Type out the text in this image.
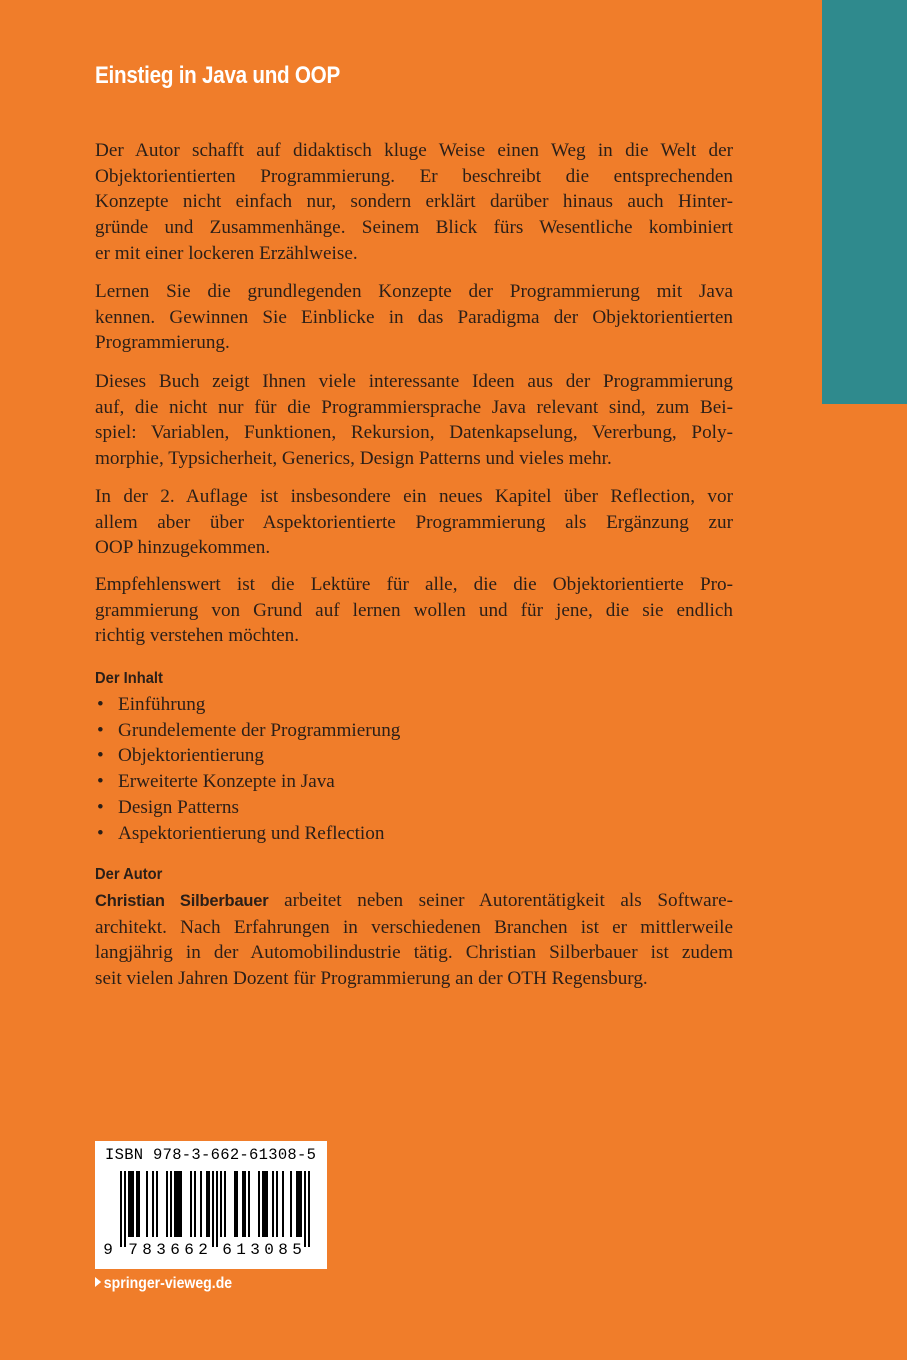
Einstieg in Java und OOP

Der Autor schafft auf didaktisch kluge Weise einen Weg in die Welt der
Objektorientierten Programmierung. Er beschreibt die entsprechenden
Konzepte nicht einfach nur, sondern erklärt darüber hinaus auch Hinter-
gründe und Zusammenhänge. Seinem Blick fürs Wesentliche kombiniert
er mit einer lockeren Erzählweise.

Lernen Sie die grundlegenden Konzepte der Programmierung mit Java
kennen. Gewinnen Sie Einblicke in das Paradigma der Objektorientierten
Programmierung.

Dieses Buch zeigt Ihnen viele interessante Ideen aus der Programmierung
auf, die nicht nur für die Programmiersprache Java relevant sind, zum Bei-
spiel: Variablen, Funktionen, Rekursion, Datenkapselung, Vererbung, Poly-
morphie, Typsicherheit, Generics, Design Patterns und vieles mehr.

In der 2. Auflage ist insbesondere ein neues Kapitel über Reflection, vor
allem aber über Aspektorientierte Programmierung als Ergänzung zur
OOP hinzugekommen.

Empfehlenswert ist die Lektüre für alle, die die Objektorientierte Pro-
grammierung von Grund auf lernen wollen und für jene, die sie endlich
richtig verstehen möchten.

Der Inhalt
• Einführung
• Grundelemente der Programmierung
• Objektorientierung
• Erweiterte Konzepte in Java
• Design Patterns
• Aspektorientierung und Reflection
Der Autor

Christian Silberbauer arbeitet neben seiner Autorentätigkeit als Software-
architekt. Nach Erfahrungen in verschiedenen Branchen ist er mittlerweile
langjährig in der Automobilindustrie tätig. Christian Silberbauer ist zudem
seit vielen Jahren Dozent für Programmierung an der OTH Regensburg.

ISBN 978-3-662-61308-5
9 7 8 3 6 6 2 6 1 3 0 8 5
springer-vieweg.de
